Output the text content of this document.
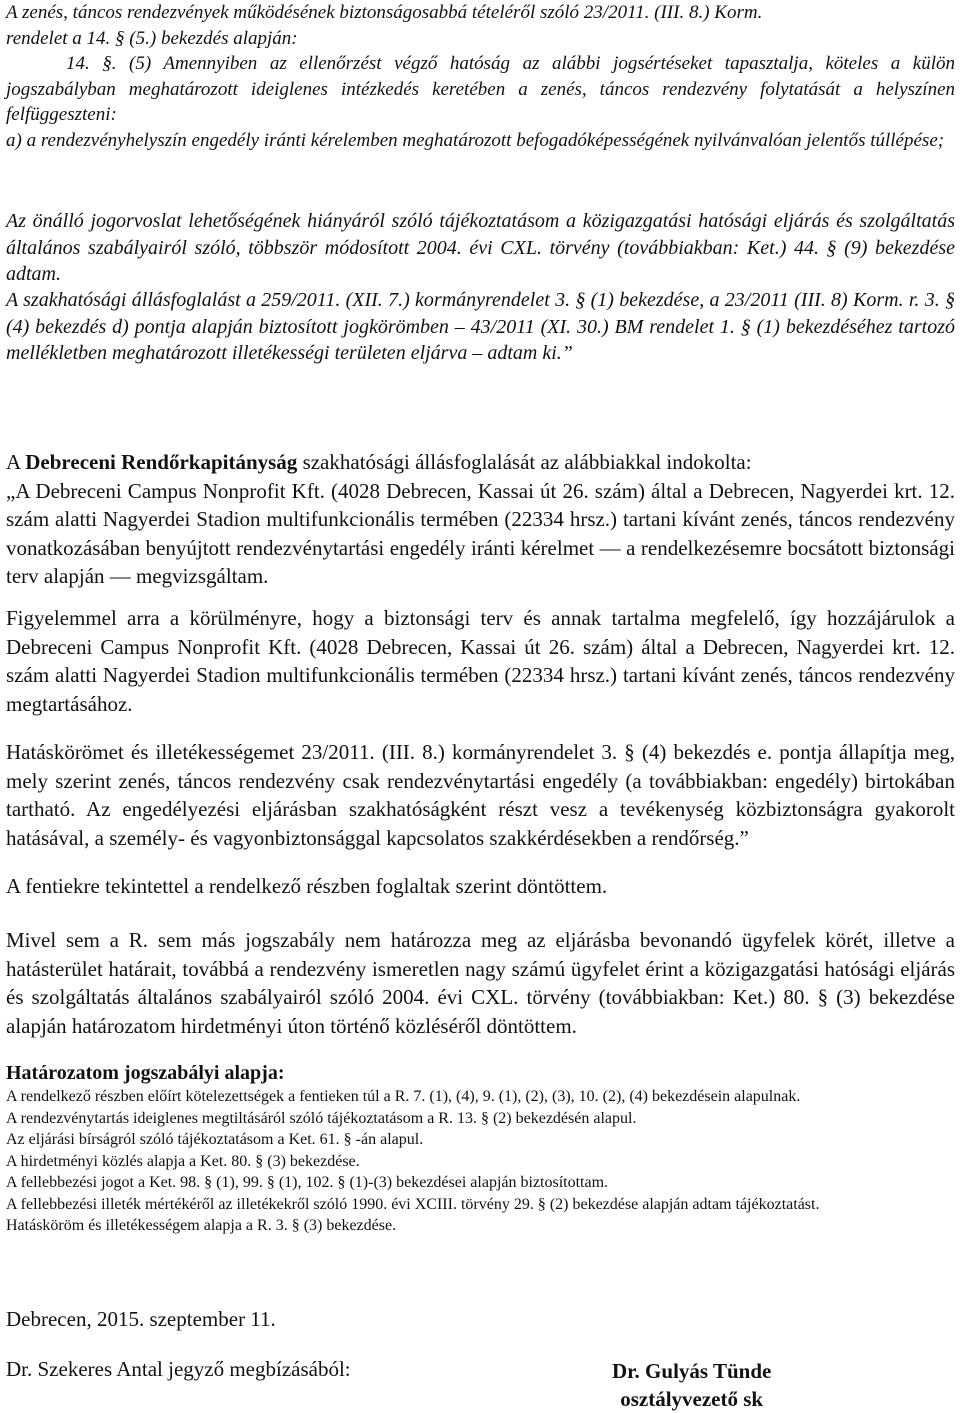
A zenés, táncos rendezvények működésének biztonságosabbá tételéről szóló 23/2011. (III. 8.) Korm.

rendelet a 14. § (5.) bekezdés alapján:

14. §. (5) Amennyiben az ellenőrzést végző hatóság az alábbi jogsértéseket tapasztalja, köteles a külön jogszabályban meghatározott ideiglenes intézkedés keretében a zenés, táncos rendezvény folytatását a helyszínen felfüggeszteni:

a) a rendezvényhelyszín engedély iránti kérelemben meghatározott befogadóképességének nyilvánvalóan jelentős túllépése;

Az önálló jogorvoslat lehetőségének hiányáról szóló tájékoztatásom a közigazgatási hatósági eljárás és szolgáltatás általános szabályairól szóló, többször módosított 2004. évi CXL. törvény (továbbiakban: Ket.) 44. § (9) bekezdése adtam.

A szakhatósági állásfoglalást a 259/2011. (XII. 7.) kormányrendelet 3. § (1) bekezdése, a 23/2011 (III. 8) Korm. r. 3. § (4) bekezdés d) pontja alapján biztosított jogkörömben – 43/2011 (XI. 30.) BM rendelet 1. § (1) bekezdéséhez tartozó mellékletben meghatározott illetékességi területen eljárva – adtam ki.”

A Debreceni Rendőrkapitányság szakhatósági állásfoglalását az alábbiakkal indokolta:

„A Debreceni Campus Nonprofit Kft. (4028 Debrecen, Kassai út 26. szám) által a Debrecen, Nagyerdei krt. 12. szám alatti Nagyerdei Stadion multifunkcionális termében (22334 hrsz.) tartani kívánt zenés, táncos rendezvény vonatkozásában benyújtott rendezvénytartási engedély iránti kérelmet — a rendelkezésemre bocsátott biztonsági terv alapján — megvizsgáltam.

Figyelemmel arra a körülményre, hogy a biztonsági terv és annak tartalma megfelelő, így hozzájárulok a Debreceni Campus Nonprofit Kft. (4028 Debrecen, Kassai út 26. szám) által a Debrecen, Nagyerdei krt. 12. szám alatti Nagyerdei Stadion multifunkcionális termében (22334 hrsz.) tartani kívánt zenés, táncos rendezvény megtartásához.

Hatáskörömet és illetékességemet 23/2011. (III. 8.) kormányrendelet 3. § (4) bekezdés e. pontja állapítja meg, mely szerint zenés, táncos rendezvény csak rendezvénytartási engedély (a továbbiakban: engedély) birtokában tartható. Az engedélyezési eljárásban szakhatóságként részt vesz a tevékenység közbiztonságra gyakorolt hatásával, a személy- és vagyonbiztonsággal kapcsolatos szakkérdésekben a rendőrség.”

A fentiekre tekintettel a rendelkező részben foglaltak szerint döntöttem.

Mivel sem a R. sem más jogszabály nem határozza meg az eljárásba bevonandó ügyfelek körét, illetve a hatásterület határait, továbbá a rendezvény ismeretlen nagy számú ügyfelet érint a közigazgatási hatósági eljárás és szolgáltatás általános szabályairól szóló 2004. évi CXL. törvény (továbbiakban: Ket.) 80. § (3) bekezdése alapján határozatom hirdetményi úton történő közléséről döntöttem.

Határozatom jogszabályi alapja:

A rendelkező részben előírt kötelezettségek a fentieken túl a R. 7. (1), (4), 9. (1), (2), (3), 10. (2), (4) bekezdésein alapulnak.

A rendezvénytartás ideiglenes megtiltásáról szóló tájékoztatásom a R. 13. § (2) bekezdésén alapul.

Az eljárási bírságról szóló tájékoztatásom a Ket. 61. § -án alapul.

A hirdetményi közlés alapja a Ket. 80. § (3) bekezdése.

A fellebbezési jogot a Ket. 98. § (1), 99. § (1), 102. § (1)-(3) bekezdései alapján biztosítottam.

A fellebbezési illeték mértékéről az illetékekről szóló 1990. évi XCIII. törvény 29. § (2) bekezdése alapján adtam tájékoztatást.

Hatásköröm és illetékességem alapja a R. 3. § (3) bekezdése.

Debrecen, 2015. szeptember 11.

Dr. Szekeres Antal jegyző megbízásából:	Dr. Gulyás Tünde
osztályvezető sk
